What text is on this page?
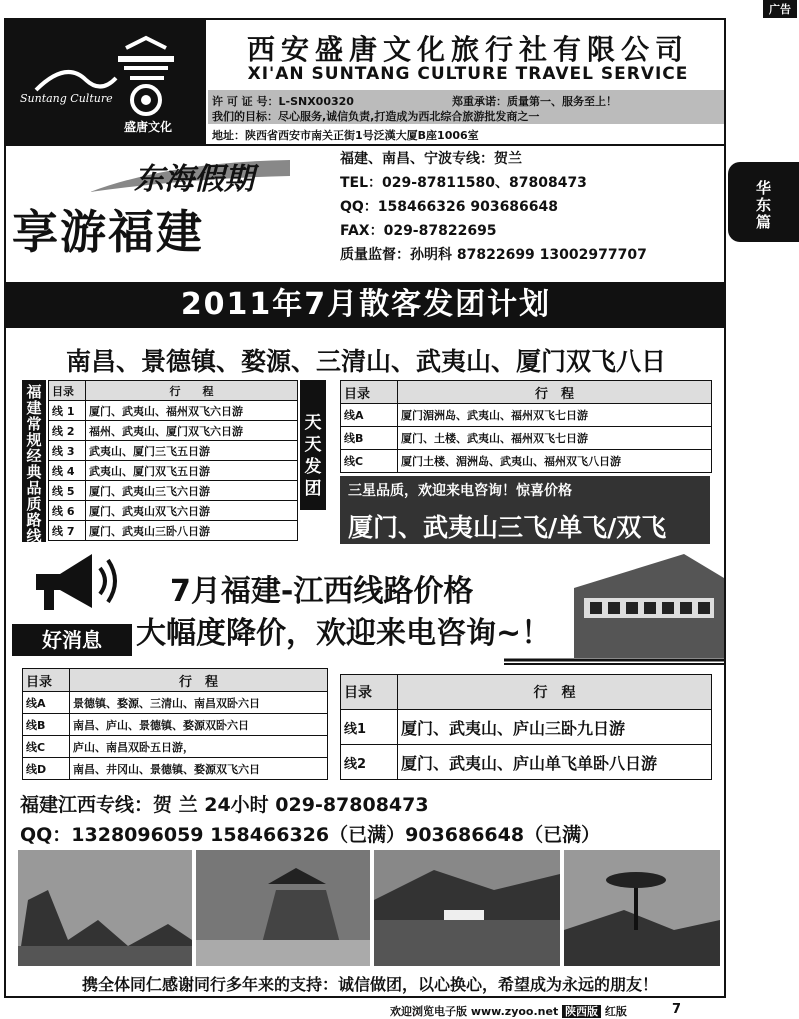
广告
Suntang Culture
盛唐文化
西安盛唐文化旅行社有限公司
XI'AN SUNTANG CULTURE TRAVEL SERVICE
许 可 证 号：L-SNX00320	郑重承诺：质量第一、服务至上！
我们的目标：尽心服务,诚信负责,打造成为西北综合旅游批发商之一
地址：陕西省西安市南关正街1号泛漢大厦B座1006室
东海假期
享游福建
福建、南昌、宁波专线：贺兰
TEL：029-87811580、87808473
QQ：158466326 903686648
FAX：029-87822695
质量监督：孙明科 87822699 13002977707
华
东
篇
2011年7月散客发团计划
南昌、景德镇、婺源、三清山、武夷山、厦门双飞八日
福建常规经典品质路线
目录	行　　程
线 1	厦门、武夷山、福州双飞六日游
线 2	福州、武夷山、厦门双飞六日游
线 3	武夷山、厦门三飞五日游
线 4	武夷山、厦门双飞五日游
线 5	厦门、武夷山三飞六日游
线 6	厦门、武夷山双飞六日游
线 7	厦门、武夷山三卧八日游
天天发团
目录	行　程
线A	厦门湄洲岛、武夷山、福州双飞七日游
线B	厦门、土楼、武夷山、福州双飞七日游
线C	厦门土楼、湄洲岛、武夷山、福州双飞八日游
三星品质，欢迎来电咨询！惊喜价格
厦门、武夷山三飞/单飞/双飞
好消息
7月福建-江西线路价格
大幅度降价，欢迎来电咨询~！
目录	行　程
线A	景德镇、婺源、三清山、南昌双卧六日
线B	南昌、庐山、景德镇、婺源双卧六日
线C	庐山、南昌双卧五日游，
线D	南昌、井冈山、景德镇、婺源双飞六日
目录	行　程
线1	厦门、武夷山、庐山三卧九日游
线2	厦门、武夷山、庐山单飞单卧八日游
福建江西专线：贺 兰 24小时 029-87808473
QQ：1328096059 158466326（已满）903686648（已满）
携全体同仁感谢同行多年来的支持：诚信做团，以心换心，希望成为永远的朋友！
欢迎浏览电子版 www.zyoo.net 陕西版 红版	7
